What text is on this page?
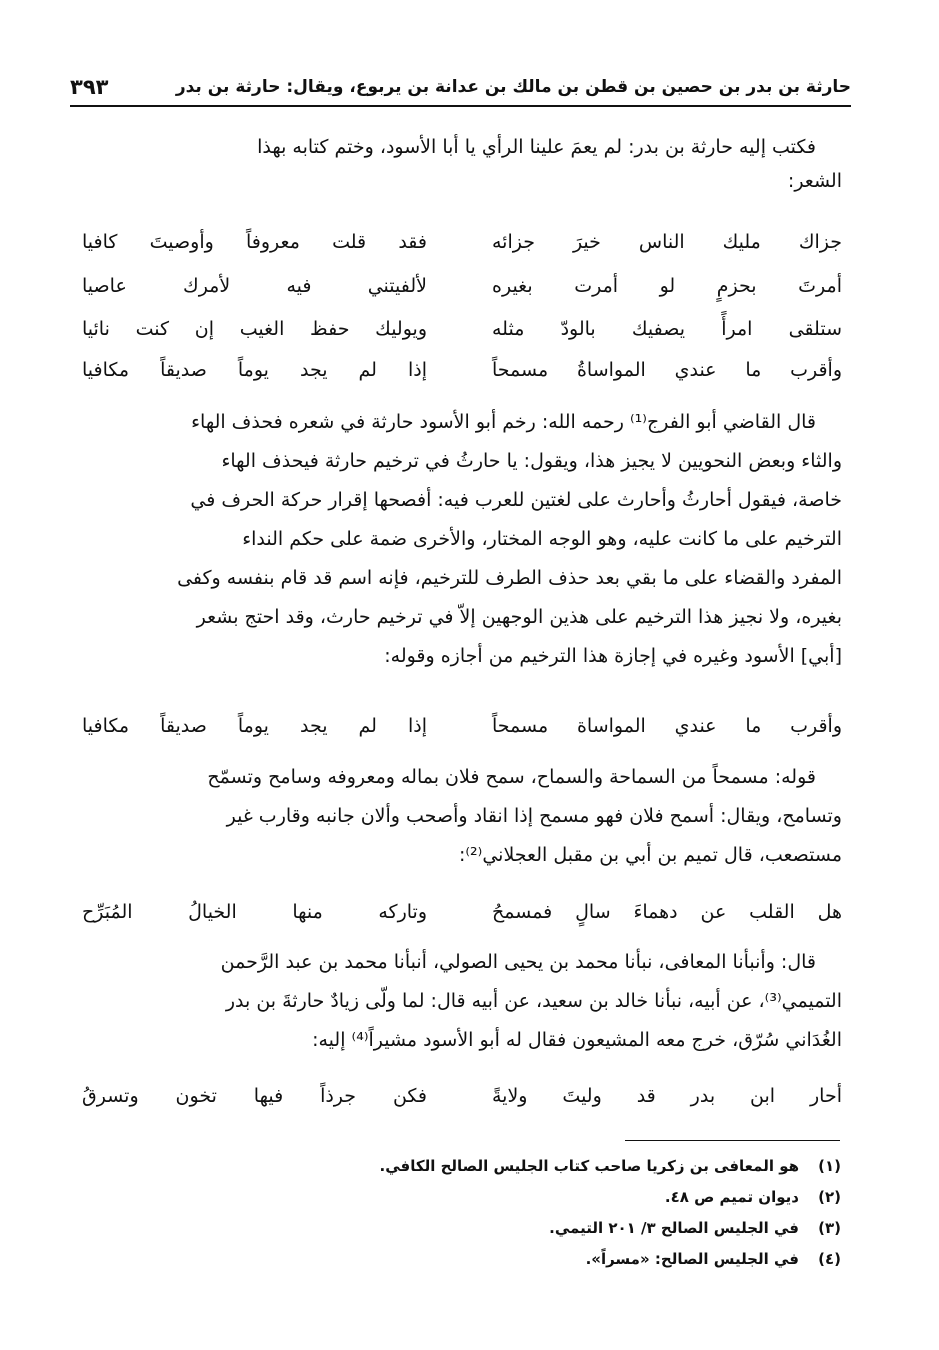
حارثة بن بدر بن حصين بن قطن بن مالك بن عدانة بن يربوع، ويقال: حارثة بن بدر
٣٩٣
فكتب إليه حارثة بن بدر: لم يعمَ علينا الرأي يا أبا الأسود، وختم كتابه بهذا
الشعر:
جزاك مليك الناس خيرَ جزائه
فقد قلت معروفاً وأوصيتَ كافيا
أمرتَ بحزمٍ لو أمرت بغيره
لألفيتني فيه لأمرك عاصيا
ستلقى امرأً يصفيك بالودّ مثله
ويوليك حفظ الغيب إن كنت نائيا
وأقرب ما عندي المواساةُ مسمحاً
إذا لم يجد يوماً صديقاً مكافيا
قال القاضي أبو الفرج⁽¹⁾ رحمه الله: رخم أبو الأسود حارثة في شعره فحذف الهاء
والثاء وبعض النحويين لا يجيز هذا، ويقول: يا حارثُ في ترخيم حارثة فيحذف الهاء
خاصة، فيقول أحارثُ وأحارث على لغتين للعرب فيه: أفصحها إقرار حركة الحرف في
الترخيم على ما كانت عليه، وهو الوجه المختار، والأخرى ضمة على حكم النداء
المفرد والقضاء على ما بقي بعد حذف الطرف للترخيم، فإنه اسم قد قام بنفسه وكفى
بغيره، ولا نجيز هذا الترخيم على هذين الوجهين إلاّ في ترخيم حارث، وقد احتج بشعر
[أبي] الأسود وغيره في إجازة هذا الترخيم من أجازه وقوله:
وأقرب ما عندي المواساة مسمحاً
إذا لم يجد يوماً صديقاً مكافيا
قوله: مسمحاً من السماحة والسماح، سمح فلان بماله ومعروفه وسامح وتسمّح
وتسامح، ويقال: أسمح فلان فهو مسمح إذا انقاد وأصحب وألان جانبه وقارب غير
مستصعب، قال تميم بن أبي بن مقبل العجلاني⁽²⁾:
هل القلب عن دهماءَ سالٍ فمسمحُ
وتاركه منها الخيالُ المُبَرِّح
قال: وأنبأنا المعافى، نبأنا محمد بن يحيى الصولي، أنبأنا محمد بن عبد الرَّحمن
التميمي⁽³⁾، عن أبيه، نبأنا خالد بن سعيد، عن أبيه قال: لما ولّى زيادٌ حارثةَ بن بدر
الغُدَاني سُرّق، خرج معه المشيعون فقال له أبو الأسود مشيراً⁽⁴⁾ إليه:
أحار ابن بدر قد وليتَ ولايةً
فكن جرذاً فيها تخون وتسرقُ
(١)
هو المعافى بن زكريا صاحب كتاب الجليس الصالح الكافي.
(٢)
ديوان تميم ص ٤٨.
(٣)
في الجليس الصالح ٣/ ٢٠١ التيمي.
(٤)
في الجليس الصالح: «مسراً».
